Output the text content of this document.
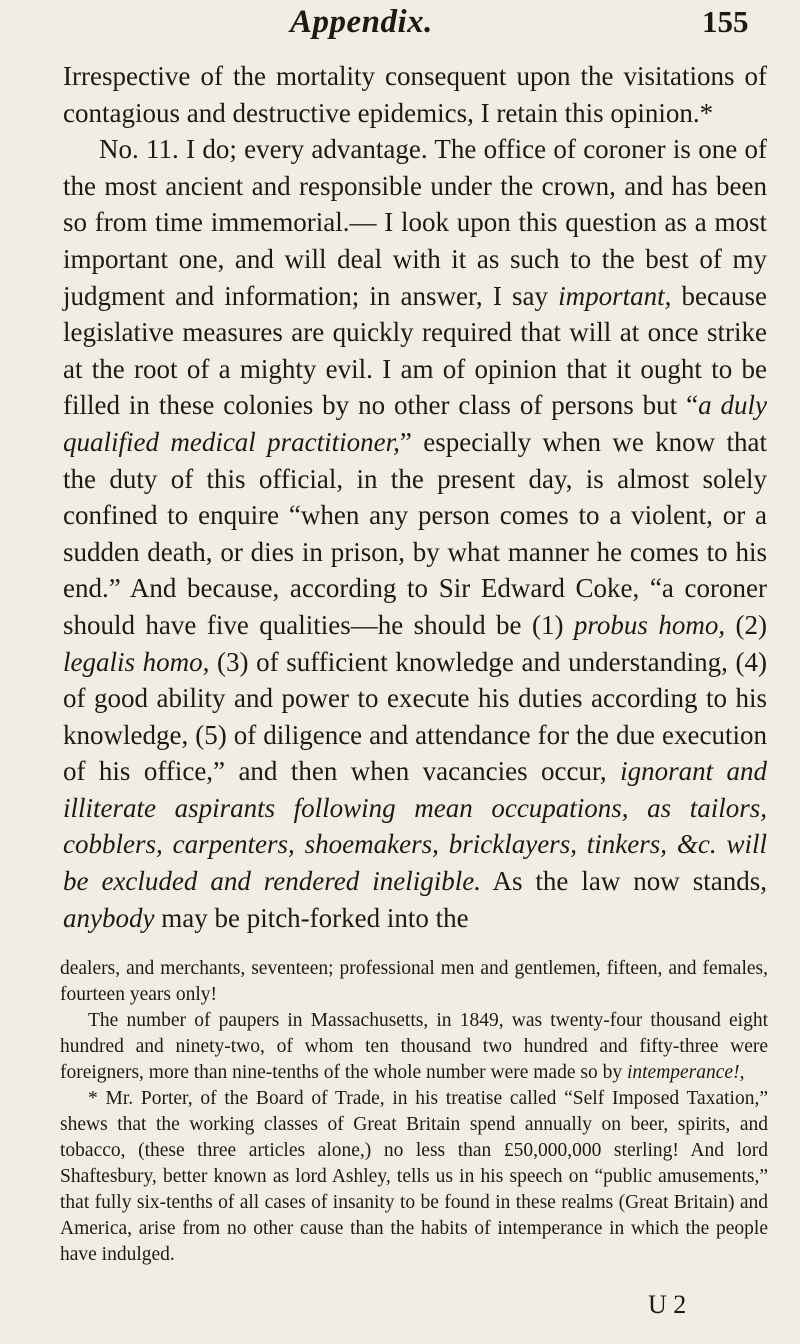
Appendix.	155

Irrespective of the mortality consequent upon the visitations of contagious and destructive epidemics, I retain this opinion.*

No. 11. I do; every advantage. The office of coroner is one of the most ancient and responsible under the crown, and has been so from time immemorial.— I look upon this question as a most important one, and will deal with it as such to the best of my judgment and information; in answer, I say important, because legislative measures are quickly required that will at once strike at the root of a mighty evil. I am of opinion that it ought to be filled in these colonies by no other class of persons but “a duly qualified medical practitioner,” especially when we know that the duty of this official, in the present day, is almost solely confined to enquire “when any person comes to a violent, or a sudden death, or dies in prison, by what manner he comes to his end.” And because, according to Sir Edward Coke, “a coroner should have five qualities—he should be (1) probus homo, (2) legalis homo, (3) of sufficient knowledge and understanding, (4) of good ability and power to execute his duties according to his knowledge, (5) of diligence and attendance for the due execution of his office,” and then when vacancies occur, ignorant and illiterate aspirants following mean occupations, as tailors, cobblers, carpenters, shoemakers, bricklayers, tinkers, &c. will be excluded and rendered ineligible. As the law now stands, anybody may be pitch-forked into the

dealers, and merchants, seventeen; professional men and gentlemen, fifteen, and females, fourteen years only!

The number of paupers in Massachusetts, in 1849, was twenty-four thousand eight hundred and ninety-two, of whom ten thousand two hundred and fifty-three were foreigners, more than nine-tenths of the whole number were made so by intemperance!,

* Mr. Porter, of the Board of Trade, in his treatise called “Self Imposed Taxation,” shews that the working classes of Great Britain spend annually on beer, spirits, and tobacco, (these three articles alone,) no less than £50,000,000 sterling! And lord Shaftesbury, better known as lord Ashley, tells us in his speech on “public amusements,” that fully six-tenths of all cases of insanity to be found in these realms (Great Britain) and America, arise from no other cause than the habits of intemperance in which the people have indulged.

U 2
